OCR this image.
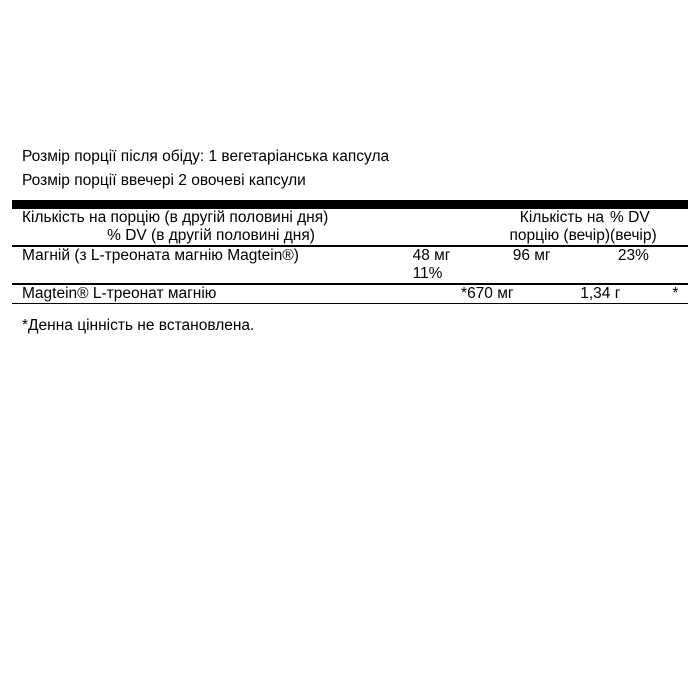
Розмір порції після обіду: 1 вегетаріанська капсула
Розмір порції ввечері 2 овочеві капсули
Кількість на порцію (в другій половині дня)	Кількість на	% DV
% DV (в другій половині дня)	порцію (вечір)	(вечір)
Магній (з L-треоната магнію Magtein®)	48 мг	96 мг	23%
	11%		
Magtein® L-треонат магнію	*670 мг	1,34 г	*
*Денна цінність не встановлена.
